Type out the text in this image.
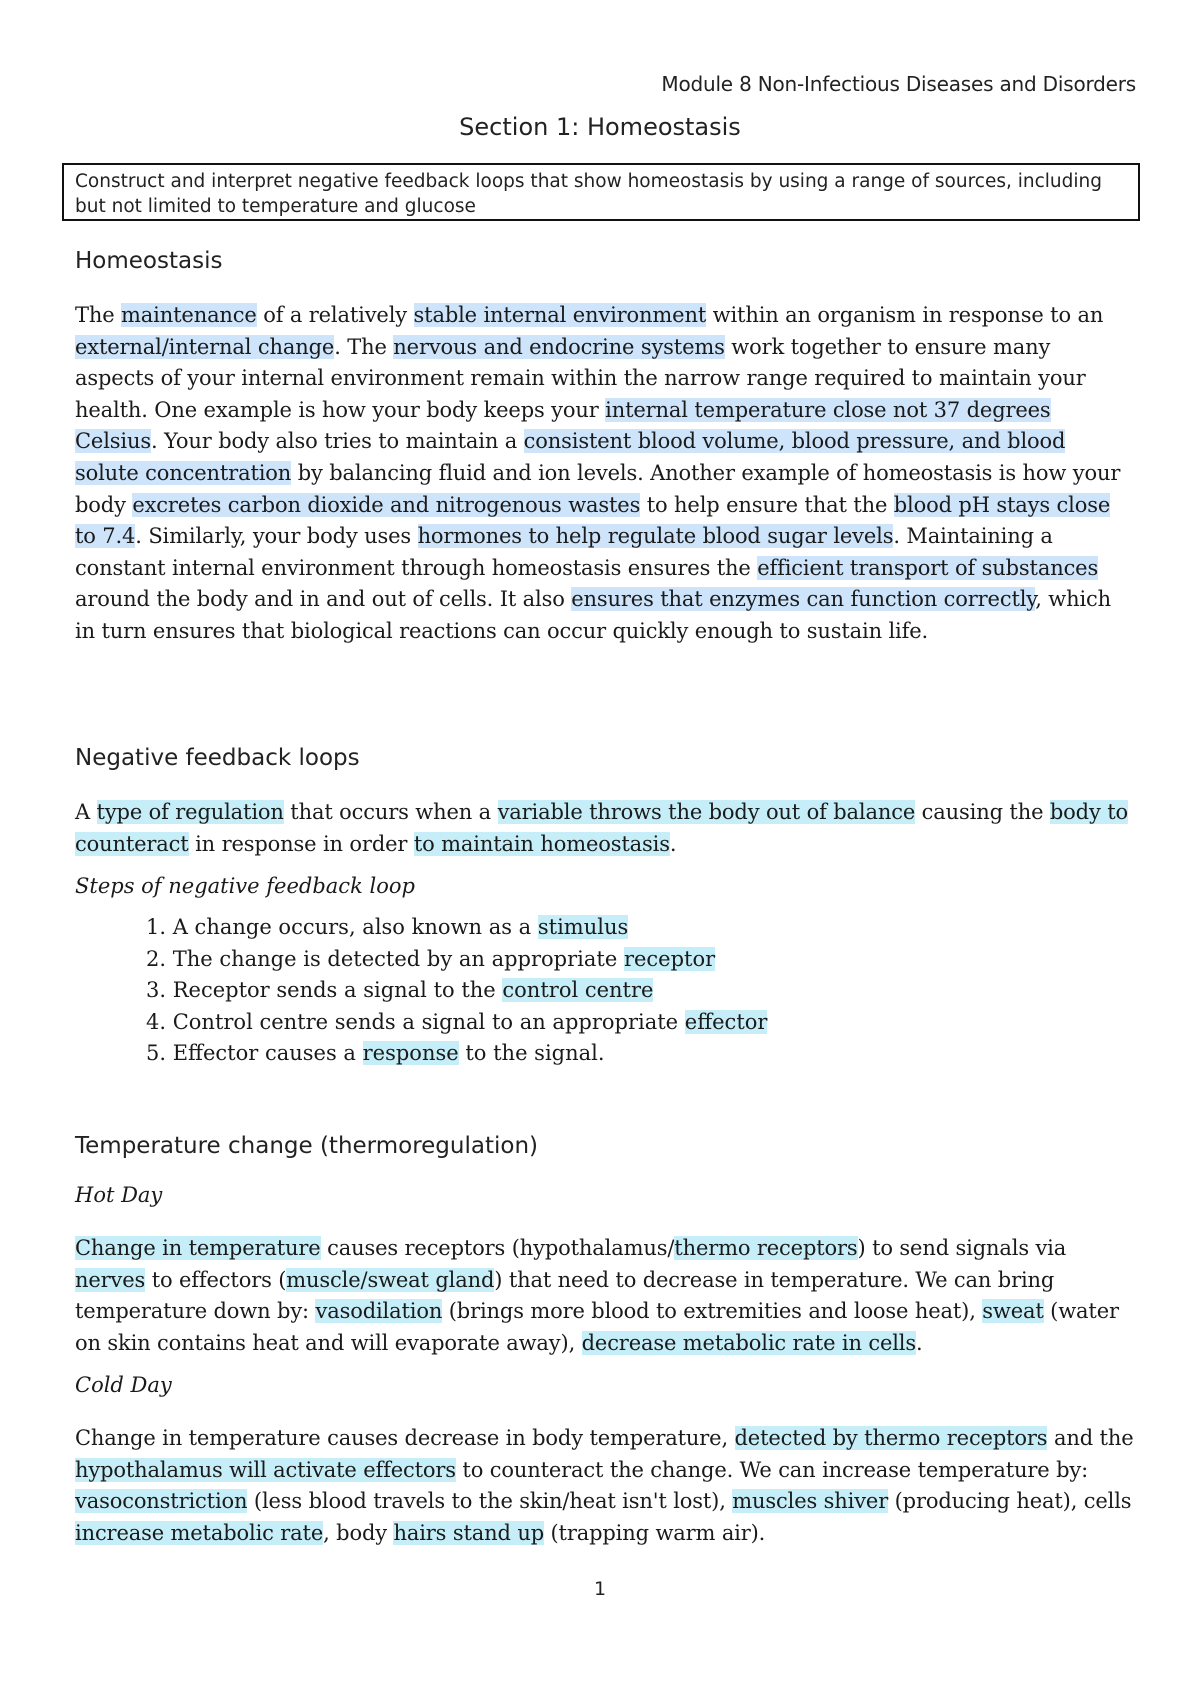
Module 8 Non-Infectious Diseases and Disorders
Section 1: Homeostasis
Construct and interpret negative feedback loops that show homeostasis by using a range of sources, including but not limited to temperature and glucose
Homeostasis

The maintenance of a relatively stable internal environment within an organism in response to an external/internal change. The nervous and endocrine systems work together to ensure many aspects of your internal environment remain within the narrow range required to maintain your health. One example is how your body keeps your internal temperature close not 37 degrees Celsius. Your body also tries to maintain a consistent blood volume, blood pressure, and blood solute concentration by balancing fluid and ion levels. Another example of homeostasis is how your body excretes carbon dioxide and nitrogenous wastes to help ensure that the blood pH stays close to 7.4. Similarly, your body uses hormones to help regulate blood sugar levels. Maintaining a constant internal environment through homeostasis ensures the efficient transport of substances around the body and in and out of cells. It also ensures that enzymes can function correctly, which in turn ensures that biological reactions can occur quickly enough to sustain life.

Negative feedback loops

A type of regulation that occurs when a variable throws the body out of balance causing the body to counteract in response in order to maintain homeostasis.

Steps of negative feedback loop
1. A change occurs, also known as a stimulus
2. The change is detected by an appropriate receptor
3. Receptor sends a signal to the control centre
4. Control centre sends a signal to an appropriate effector
5. Effector causes a response to the signal.
Temperature change (thermoregulation)
Hot Day

Change in temperature causes receptors (hypothalamus/thermo receptors) to send signals via nerves to effectors (muscle/sweat gland) that need to decrease in temperature. We can bring temperature down by: vasodilation (brings more blood to extremities and loose heat), sweat (water on skin contains heat and will evaporate away), decrease metabolic rate in cells.

Cold Day

Change in temperature causes decrease in body temperature, detected by thermo receptors and the hypothalamus will activate effectors to counteract the change. We can increase temperature by: vasoconstriction (less blood travels to the skin/heat isn't lost), muscles shiver (producing heat), cells increase metabolic rate, body hairs stand up (trapping warm air).

1
